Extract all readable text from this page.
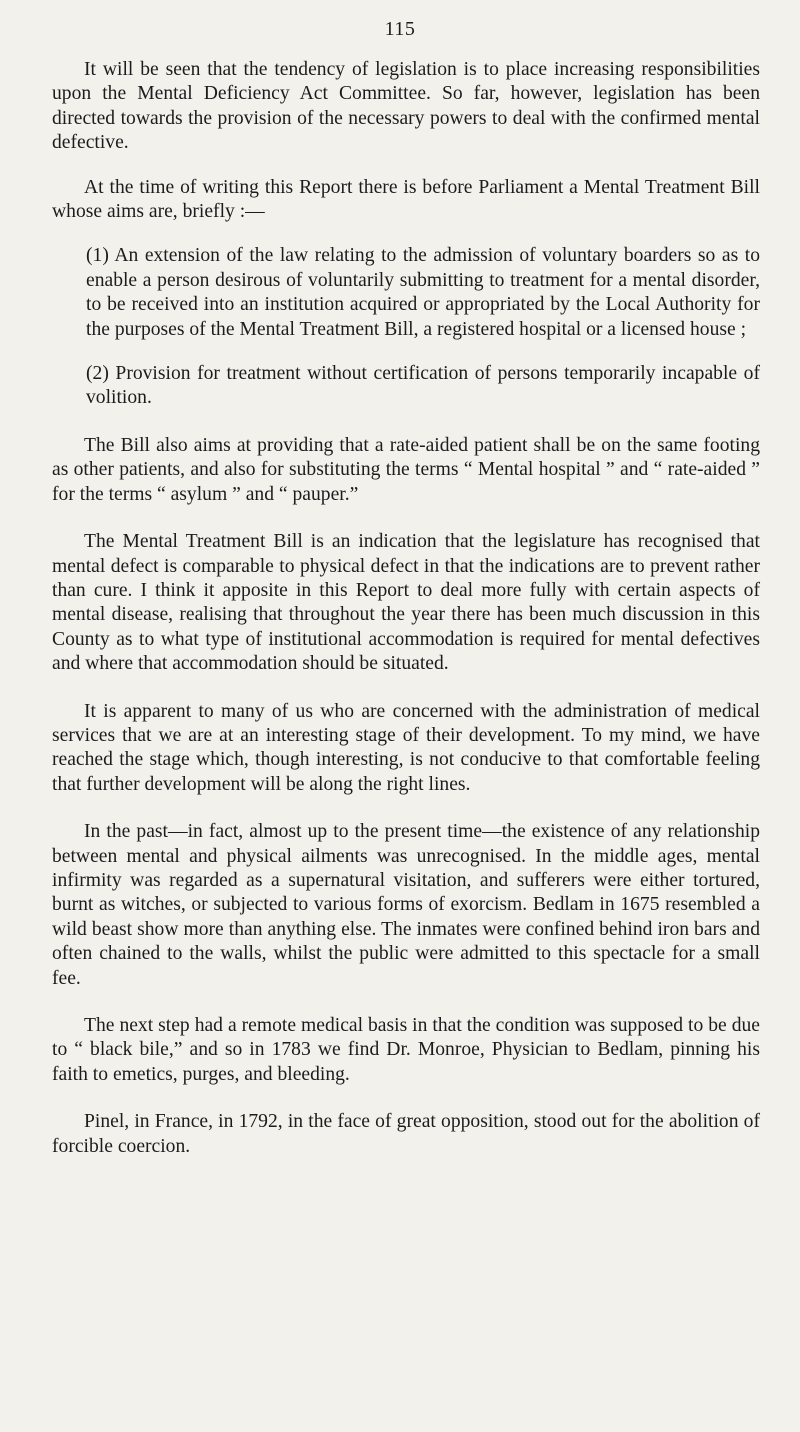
115

It will be seen that the tendency of legislation is to place increasing responsibilities upon the Mental Deficiency Act Committee. So far, however, legislation has been directed towards the provision of the necessary powers to deal with the confirmed mental defective.

At the time of writing this Report there is before Parliament a Mental Treatment Bill whose aims are, briefly :—

(1) An extension of the law relating to the admission of voluntary boarders so as to enable a person desirous of voluntarily submitting to treatment for a mental disorder, to be received into an institution acquired or appropriated by the Local Authority for the purposes of the Mental Treatment Bill, a registered hospital or a licensed house ;

(2) Provision for treatment without certification of persons temporarily incapable of volition.

The Bill also aims at providing that a rate-aided patient shall be on the same footing as other patients, and also for substituting the terms “ Mental hospital ” and “ rate-aided ” for the terms “ asylum ” and “ pauper.”

The Mental Treatment Bill is an indication that the legislature has recognised that mental defect is comparable to physical defect in that the indications are to prevent rather than cure. I think it apposite in this Report to deal more fully with certain aspects of mental disease, realising that throughout the year there has been much discussion in this County as to what type of institutional accommodation is required for mental defectives and where that accommodation should be situated.

It is apparent to many of us who are concerned with the administration of medical services that we are at an interesting stage of their development. To my mind, we have reached the stage which, though interesting, is not conducive to that comfortable feeling that further development will be along the right lines.

In the past—in fact, almost up to the present time—the existence of any relationship between mental and physical ailments was unrecognised. In the middle ages, mental infirmity was regarded as a supernatural visitation, and sufferers were either tortured, burnt as witches, or subjected to various forms of exorcism. Bedlam in 1675 resembled a wild beast show more than anything else. The inmates were confined behind iron bars and often chained to the walls, whilst the public were admitted to this spectacle for a small fee.

The next step had a remote medical basis in that the condition was supposed to be due to “ black bile,” and so in 1783 we find Dr. Monroe, Physician to Bedlam, pinning his faith to emetics, purges, and bleeding.

Pinel, in France, in 1792, in the face of great opposition, stood out for the abolition of forcible coercion.
